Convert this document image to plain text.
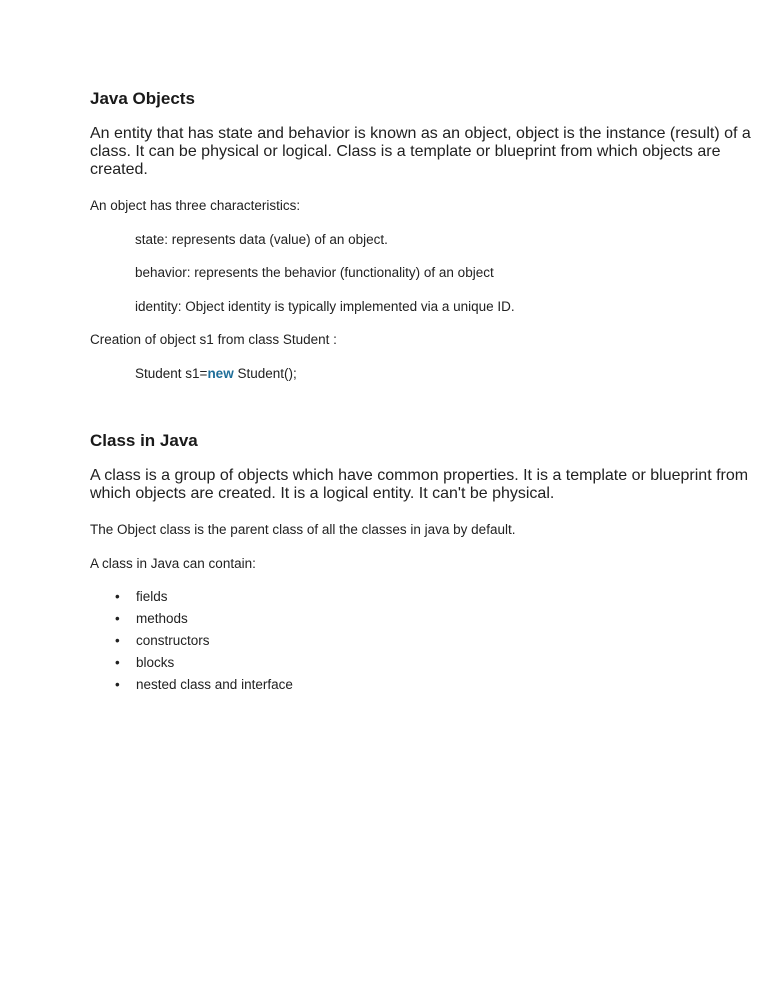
Java Objects

An entity that has state and behavior is known as an object, object is the instance (result) of a
class. It can be physical or logical. Class is a template or blueprint from which objects are
created.

An object has three characteristics:

state: represents data (value) of an object.

behavior: represents the behavior (functionality) of an object

identity: Object identity is typically implemented via a unique ID.

Creation of object s1 from class Student :

Student s1=new Student();

Class in Java

A class is a group of objects which have common properties. It is a template or blueprint from
which objects are created. It is a logical entity. It can't be physical.

The Object class is the parent class of all the classes in java by default.

A class in Java can contain:

•
fields
•
methods
•
constructors
•
blocks
•
nested class and interface
